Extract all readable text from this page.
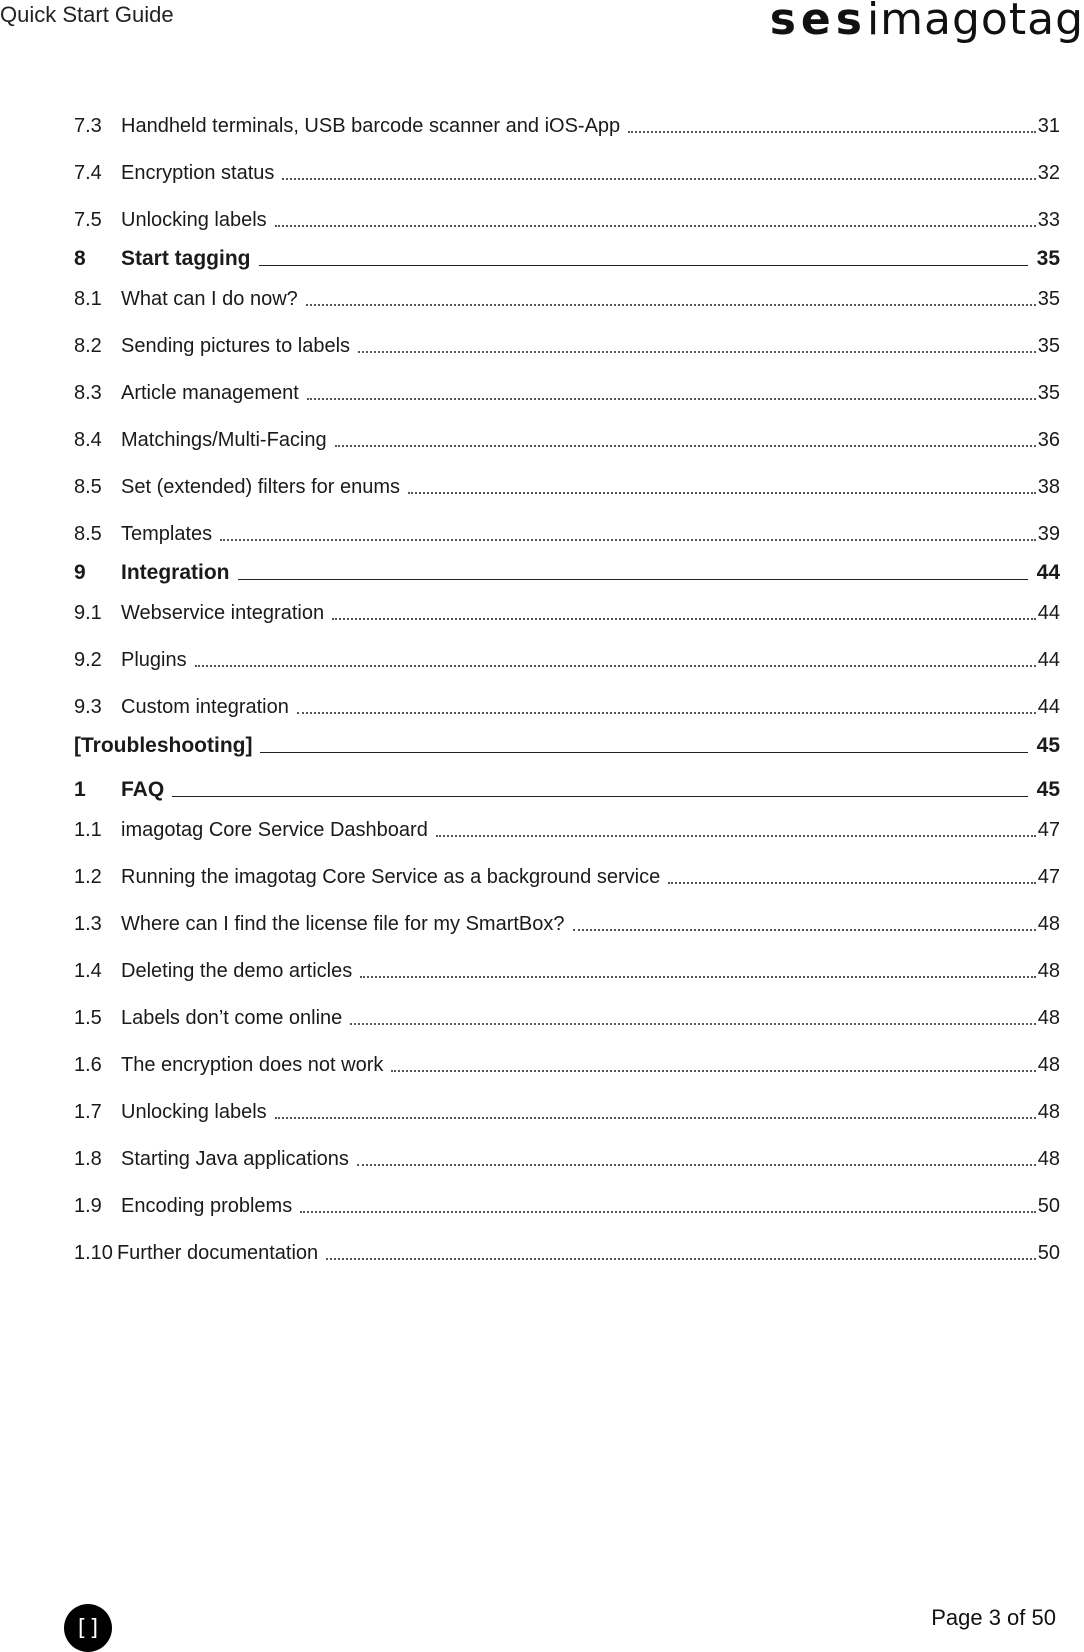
Quick Start Guide	sesimagotag
7.3 Handheld terminals, USB barcode scanner and iOS-App	31
7.4 Encryption status	32
7.5 Unlocking labels	33
8	Start tagging	35
8.1 What can I do now?	35
8.2 Sending pictures to labels	35
8.3 Article management	35
8.4 Matchings/Multi-Facing	36
8.5 Set (extended) filters for enums	38
8.5 Templates	39
9	Integration	44
9.1 Webservice integration	44
9.2 Plugins	44
9.3 Custom integration	44
[Troubleshooting]	45
1	FAQ	45
1.1 imagotag Core Service Dashboard	47
1.2 Running the imagotag Core Service as a background service	47
1.3 Where can I find the license file for my SmartBox?	48
1.4 Deleting the demo articles	48
1.5 Labels don’t come online	48
1.6 The encryption does not work	48
1.7 Unlocking labels	48
1.8 Starting Java applications	48
1.9 Encoding problems	50
1.10 Further documentation	50
[]	Page 3 of 50
